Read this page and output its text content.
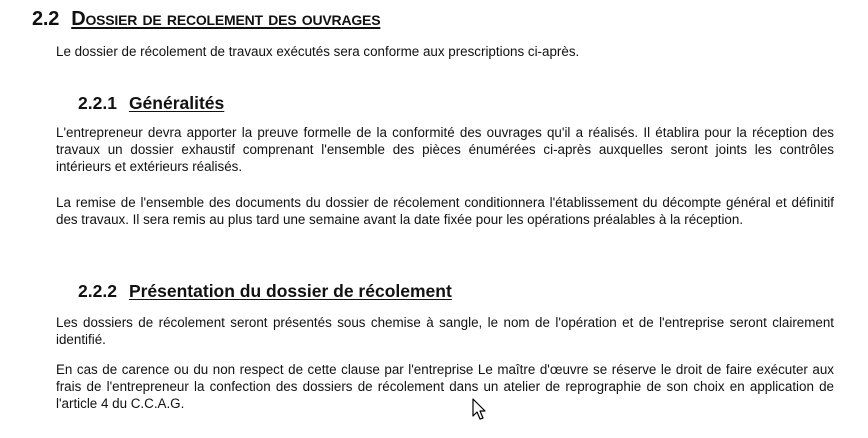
2.2 Dossier de recolement des ouvrages

Le dossier de récolement de travaux exécutés sera conforme aux prescriptions ci-après.

2.2.1 Généralités

L'entrepreneur devra apporter la preuve formelle de la conformité des ouvrages qu'il a réalisés. Il établira pour la réception des travaux un dossier exhaustif comprenant l'ensemble des pièces énumérées ci-après auxquelles seront joints les contrôles intérieurs et extérieurs réalisés.

La remise de l'ensemble des documents du dossier de récolement conditionnera l'établissement du décompte général et définitif des travaux. Il sera remis au plus tard une semaine avant la date fixée pour les opérations préalables à la réception.

2.2.2 Présentation du dossier de récolement

Les dossiers de récolement seront présentés sous chemise à sangle, le nom de l'opération et de l'entreprise seront clairement identifié.

En cas de carence ou du non respect de cette clause par l'entreprise Le maître d'œuvre se réserve le droit de faire exécuter aux frais de l'entrepreneur la confection des dossiers de récolement dans un atelier de reprographie de son choix en application de l'article 4 du C.C.A.G.
